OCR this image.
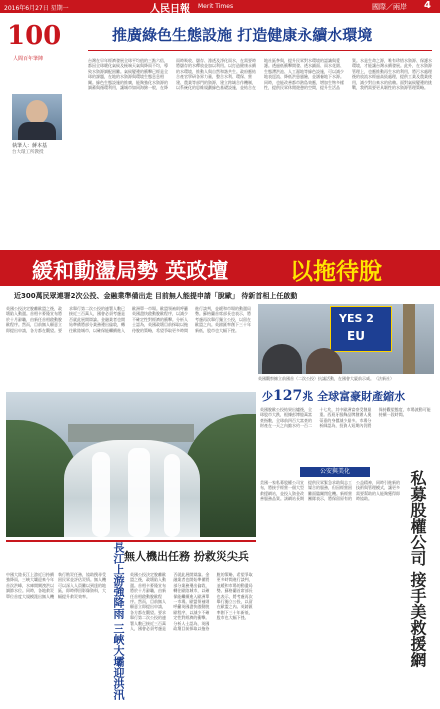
2016年6月27日 星期一	人民日報 Merit Times	國際／兩岸 4
100
人間百年筆陣
推廣綠色生態設施 打造健康永續水環境
執筆人：蔣本基
台大環工所教授
台灣在早年經濟發展全球平均值的三點六倍，都因全球暖化氣候及極端天氣與降雨不均，導致水資源調配困難。氣候變遷的衝擊已經是全球的課題，在地的水資源與環境生態息息相關。綠色生態設施的推廣，能夠強化水資源的調蓄與循環利用，讓城市如同海綿一般，在降雨時吸收、儲存、滲透及淨化雨水，在需要時將儲存的水釋放並加以利用。以打造健康永續的水環境，推動人與自然和諧共生。政府應結合產官學研各界力量，整合水利、環保、營建、農業等部門的資源，建立跨域合作機制，以系統化的思維規劃綠色基礎設施，並結合在地社區參與，提升民眾對水環境的認識與愛護。透過低衝擊開發、透水鋪面、雨水花園、生態滯洪池、人工濕地等綠色設施，可以減少地表逕流、降低洪患風險，並涵養地下水源。同時，也能改善都市熱島效應，增加生物多樣性，提供民眾休閒遊憩的空間，提升生活品質。水是生命之源，唯有珍惜水資源、保護水環境，才能讓台灣永續發展。此外，在水資源管理上，也應推動再生水的利用，將污水處理後的放流水經過高級處理，提供工業及農業使用，減少對自來水的依賴。面對氣候變遷的挑戰，我們需要更具韌性的水資源管理策略。
緩和動盪局勢 英政壇	以拖待脫
近300萬民眾連署2次公投、金融業準備出走 目前無人能提申請「脫歐」 待新首相上任啟動
英國公投決定脫離歐盟之後，政壇陷入動盪。首相卡麥隆宣布將於十月辭職，由新任首相啟動脫歐程序。然而，目前無人願意立即提出申請，各方都在觀望。要求舉行第二次公投的連署人數已接近三百萬人，國會必須考慮是否就此展開辯論。金融業者也開始準備將部分業務遷出倫敦，轉往歐陸城市，以確保能繼續進入歐洲單一市場。歐盟領袖則呼籲英國盡快啟動脫歐程序，以減少不確定性對經濟的衝擊。分析人士認為，英國政壇目前採取以拖待脫的策略，希望爭取更多時間進行談判，並緩和市場的動盪局勢。蘇格蘭首席部長也表示，將考慮再次舉行獨立公投，以留在歐盟之內。英鎊匯率創下三十年新低，股市也大幅下挫。
YES 2
EU
英國觀察擁立前國首（二次公投）抗議活動，在國會大廈前示威。（法新社）
少127兆 全球富豪財產縮水
英國脫歐公投結果出爐後，全球股市大跌，根據彭博億萬富豪指數，全球前四百大富豪的財產在一天之內縮水約一百二十七兆，其中歐洲富豪受創最重。西班牙服飾品牌創辦人奧蒂嘉的身價減少最多。市場分析師認為，投資人短期內仍將保持觀望態度，市場波動可能持續一段時間。
無人機出任務 扮救災尖兵
長江上游強降雨 三峽大壩迎洪汛
中國大陸長江上游近日持續強降雨，三峽大壩迎來今年首次洪峰，水庫開閘洩洪以調節水位。同時，各地救災單位首度大規模派出無人機執行勘災任務，協助搜尋受困民眾並評估災情。無人機可以深入人員難以到達的地區，即時傳回影像資料，大幅提升救災效率。
英國公投決定脫離歐盟之後，政壇陷入動盪。首相卡麥隆宣布將於十月辭職，由新任首相啟動脫歐程序。然而，目前無人願意立即提出申請，各方都在觀望。要求舉行第二次公投的連署人數已接近三百萬人，國會必須考慮是否就此展開辯論。金融業者也開始準備將部分業務遷出倫敦，轉往歐陸城市，以確保能繼續進入歐洲單一市場。歐盟領袖則呼籲英國盡快啟動脫歐程序，以減少不確定性對經濟的衝擊。分析人士認為，英國政壇目前採取以拖待脫的策略，希望爭取更多時間進行談判，並緩和市場的動盪局勢。蘇格蘭首席部長也表示，將考慮再次舉行獨立公投，以留在歐盟之內。英鎊匯率創下三十年新低，股市也大幅下挫。
公安與美化
美國一家私募股權公司宣布，將接手經營一個大型救援網站，並投入資金改善服務品質。該網站長期提供民眾緊急求助與志工媒合的服務，但因經營困難面臨關閉危機。新經營團隊表示，將保留原有的公益精神，同時引進新的技術與管理模式，讓更多需要幫助的人能夠獲得即時協助。	私募股權公司 接手美救援網
